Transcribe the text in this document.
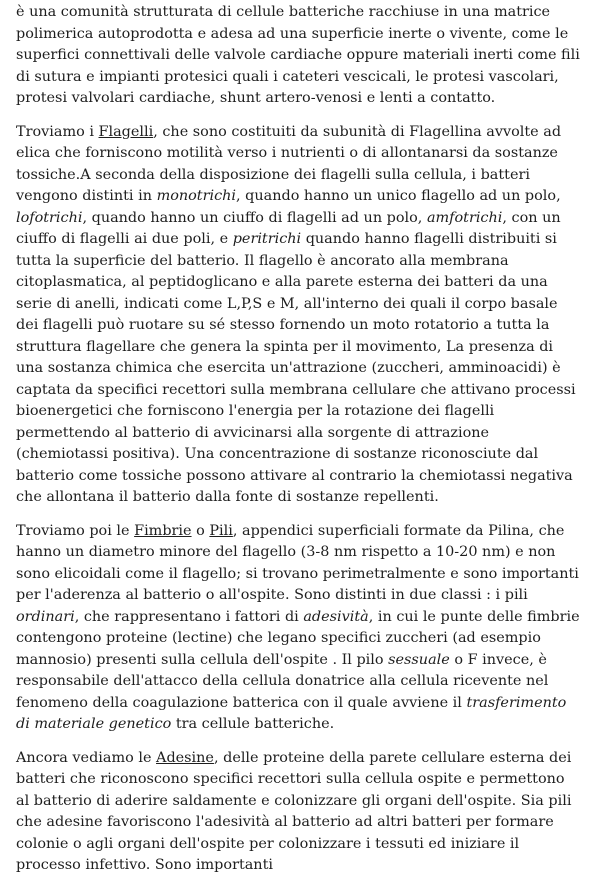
è una comunità strutturata di cellule batteriche racchiuse in una matrice polimerica autoprodotta e adesa ad una superficie inerte o vivente, come le superfici connettivali delle valvole cardiache oppure materiali inerti come fili di sutura e impianti protesici quali i cateteri vescicali, le protesi vascolari, protesi valvolari cardiache, shunt artero-venosi e lenti a contatto.

Troviamo i Flagelli, che sono costituiti da subunità di Flagellina avvolte ad elica che forniscono motilità verso i nutrienti o di allontanarsi da sostanze tossiche.A seconda della disposizione dei flagelli sulla cellula, i batteri vengono distinti in monotrichi, quando hanno un unico flagello ad un polo, lofotrichi, quando hanno un ciuffo di flagelli ad un polo, amfotrichi, con un ciuffo di flagelli ai due poli, e peritrichi quando hanno flagelli distribuiti si tutta la superficie del batterio. Il flagello è ancorato alla membrana citoplasmatica, al peptidoglicano e alla parete esterna dei batteri da una serie di anelli, indicati come L,P,S e M, all'interno dei quali il corpo basale dei flagelli può ruotare su sé stesso fornendo un moto rotatorio a tutta la struttura flagellare che genera la spinta per il movimento, La presenza di una sostanza chimica che esercita un'attrazione (zuccheri, amminoacidi) è captata da specifici recettori sulla membrana cellulare che attivano processi bioenergetici che forniscono l'energia per la rotazione dei flagelli permettendo al batterio di avvicinarsi alla sorgente di attrazione (chemiotassi positiva). Una concentrazione di sostanze riconosciute dal batterio come tossiche possono attivare al contrario la chemiotassi negativa che allontana il batterio dalla fonte di sostanze repellenti.

Troviamo poi le Fimbrie o Pili, appendici superficiali formate da Pilina, che hanno un diametro minore del flagello (3-8 nm rispetto a 10-20 nm) e non sono elicoidali come il flagello; si trovano perimetralmente e sono importanti per l'aderenza al batterio o all'ospite. Sono distinti in due classi : i pili ordinari, che rappresentano i fattori di adesività, in cui le punte delle fimbrie contengono proteine (lectine) che legano specifici zuccheri (ad esempio mannosio) presenti sulla cellula dell'ospite . Il pilo sessuale o F invece, è responsabile dell'attacco della cellula donatrice alla cellula ricevente nel fenomeno della coagulazione batterica con il quale avviene il trasferimento di materiale genetico tra cellule batteriche.

Ancora vediamo le Adesine, delle proteine della parete cellulare esterna dei batteri che riconoscono specifici recettori sulla cellula ospite e permettono al batterio di aderire saldamente e colonizzare gli organi dell'ospite. Sia pili che adesine favoriscono l'adesività al batterio ad altri batteri per formare colonie o agli organi dell'ospite per colonizzare i tessuti ed iniziare il processo infettivo. Sono importanti
